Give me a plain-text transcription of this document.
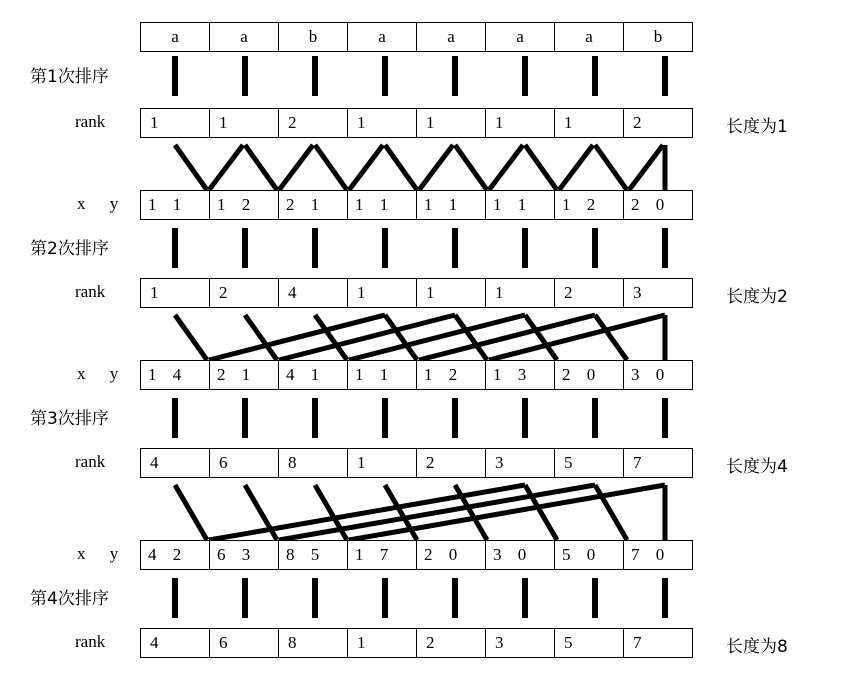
a	a	b	a	a	a	a	b
第1次排序
rank	1	1	2	1	1	1	1	2	长度为1
x y	1 1	1 2	2 1	1 1	1 1	1 1	1 2	2 0
第2次排序
rank	1	2	4	1	1	1	2	3	长度为2
x y	1 4	2 1	4 1	1 1	1 2	1 3	2 0	3 0
第3次排序
rank	4	6	8	1	2	3	5	7	长度为4
x y	4 2	6 3	8 5	1 7	2 0	3 0	5 0	7 0
第4次排序
rank	4	6	8	1	2	3	5	7	长度为8
